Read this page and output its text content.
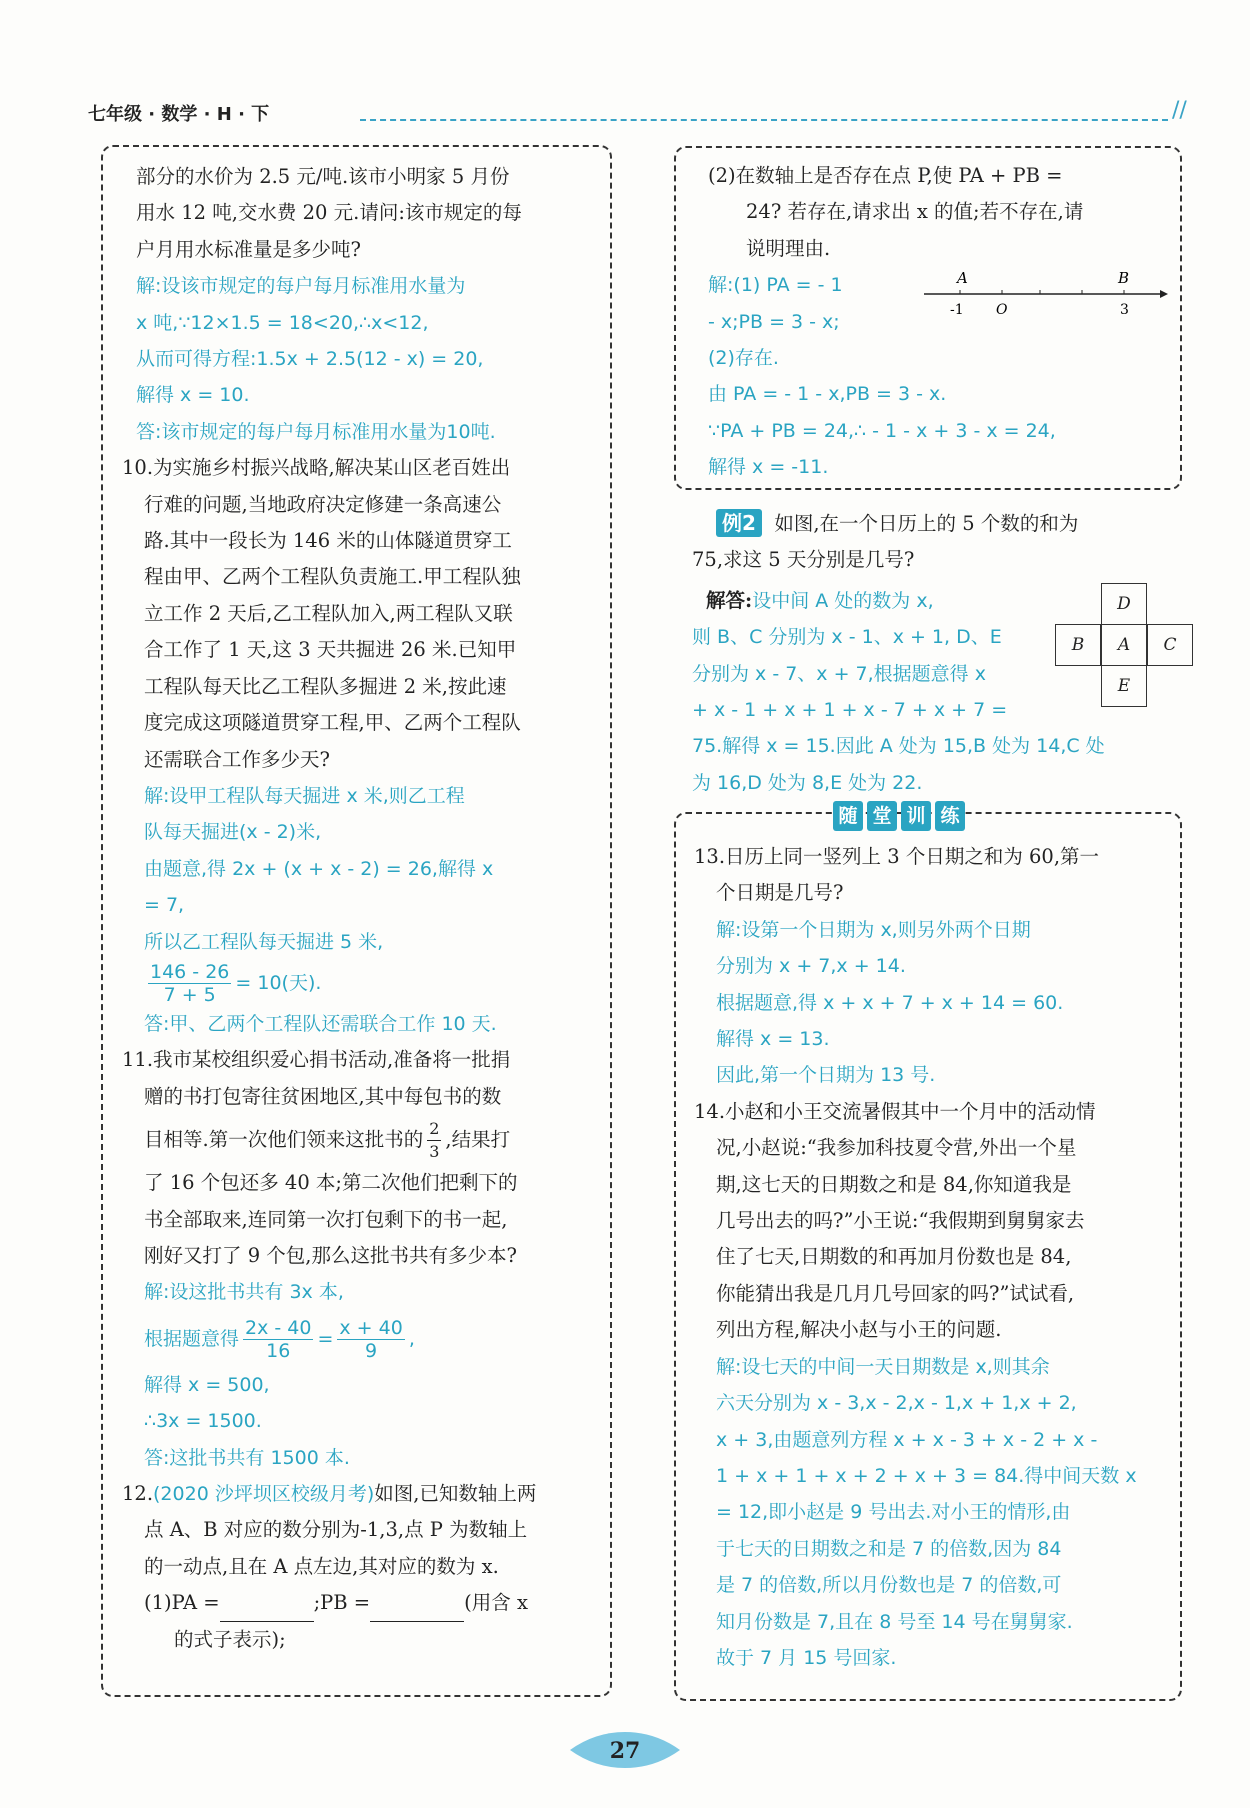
七年级 · 数学 · H · 下	//
部分的水价为 2.5 元/吨.该市小明家 5 月份
用水 12 吨,交水费 20 元.请问:该市规定的每
户月用水标准量是多少吨?
解:设该市规定的每户每月标准用水量为
x 吨,∵12×1.5 = 18<20,∴x<12,
从而可得方程:1.5x + 2.5(12 - x) = 20,
解得 x = 10.
答:该市规定的每户每月标准用水量为10吨.
10.为实施乡村振兴战略,解决某山区老百姓出
行难的问题,当地政府决定修建一条高速公
路.其中一段长为 146 米的山体隧道贯穿工
程由甲、乙两个工程队负责施工.甲工程队独
立工作 2 天后,乙工程队加入,两工程队又联
合工作了 1 天,这 3 天共掘进 26 米.已知甲
工程队每天比乙工程队多掘进 2 米,按此速
度完成这项隧道贯穿工程,甲、乙两个工程队
还需联合工作多少天?
解:设甲工程队每天掘进 x 米,则乙工程
队每天掘进(x - 2)米,
由题意,得 2x + (x + x - 2) = 26,解得 x
= 7,
所以乙工程队每天掘进 5 米,
$\frac{146 - 26}{7 + 5} = 10$(天).
答:甲、乙两个工程队还需联合工作 10 天.
11.我市某校组织爱心捐书活动,准备将一批捐
赠的书打包寄往贫困地区,其中每包书的数
目相等.第一次他们领来这批书的 $\frac{2}{3}$ ,结果打
了 16 个包还多 40 本;第二次他们把剩下的
书全部取来,连同第一次打包剩下的书一起,
刚好又打了 9 个包,那么这批书共有多少本?
解:设这批书共有 3x 本,
根据题意得 $\frac{2x - 40}{16} = \frac{x + 40}{9}$ ,
解得 x = 500,
∴3x = 1500.
答:这批书共有 1500 本.
12.(2020 沙坪坝区校级月考)如图,已知数轴上两
点 A、B 对应的数分别为-1,3,点 P 为数轴上
的一动点,且在 A 点左边,其对应的数为 x.
(1)PA =	;PB =	(用含 x
的式子表示);
(2)在数轴上是否存在点 P,使 PA + PB =
24? 若存在,请求出 x 的值;若不存在,请
说明理由.
解:(1) PA = - 1
- x;PB = 3 - x;
(2)存在.
由 PA = - 1 - x,PB = 3 - x.
∵PA + PB = 24,∴ - 1 - x + 3 - x = 24,
解得 x = -11.
A	B
-1 O	3
例2 如图,在一个日历上的 5 个数的和为
75,求这 5 天分别是几号?
解答:设中间 A 处的数为 x,
则 B、C 分别为 x - 1、x + 1, D、E
分别为 x - 7、x + 7,根据题意得 x
+ x - 1 + x + 1 + x - 7 + x + 7 =
75.解得 x = 15.因此 A 处为 15,B 处为 14,C 处
为 16,D 处为 8,E 处为 22.
D
B	A	C
E
随 堂 训 练
13.日历上同一竖列上 3 个日期之和为 60,第一
个日期是几号?
解:设第一个日期为 x,则另外两个日期
分别为 x + 7,x + 14.
根据题意,得 x + x + 7 + x + 14 = 60.
解得 x = 13.
因此,第一个日期为 13 号.
14.小赵和小王交流暑假其中一个月中的活动情
况,小赵说:“我参加科技夏令营,外出一个星
期,这七天的日期数之和是 84,你知道我是
几号出去的吗?”小王说:“我假期到舅舅家去
住了七天,日期数的和再加月份数也是 84,
你能猜出我是几月几号回家的吗?”试试看,
列出方程,解决小赵与小王的问题.
解:设七天的中间一天日期数是 x,则其余
六天分别为 x - 3,x - 2,x - 1,x + 1,x + 2,
x + 3,由题意列方程 x + x - 3 + x - 2 + x -
1 + x + 1 + x + 2 + x + 3 = 84.得中间天数 x
= 12,即小赵是 9 号出去.对小王的情形,由
于七天的日期数之和是 7 的倍数,因为 84
是 7 的倍数,所以月份数也是 7 的倍数,可
知月份数是 7,且在 8 号至 14 号在舅舅家.
故于 7 月 15 号回家.
27
